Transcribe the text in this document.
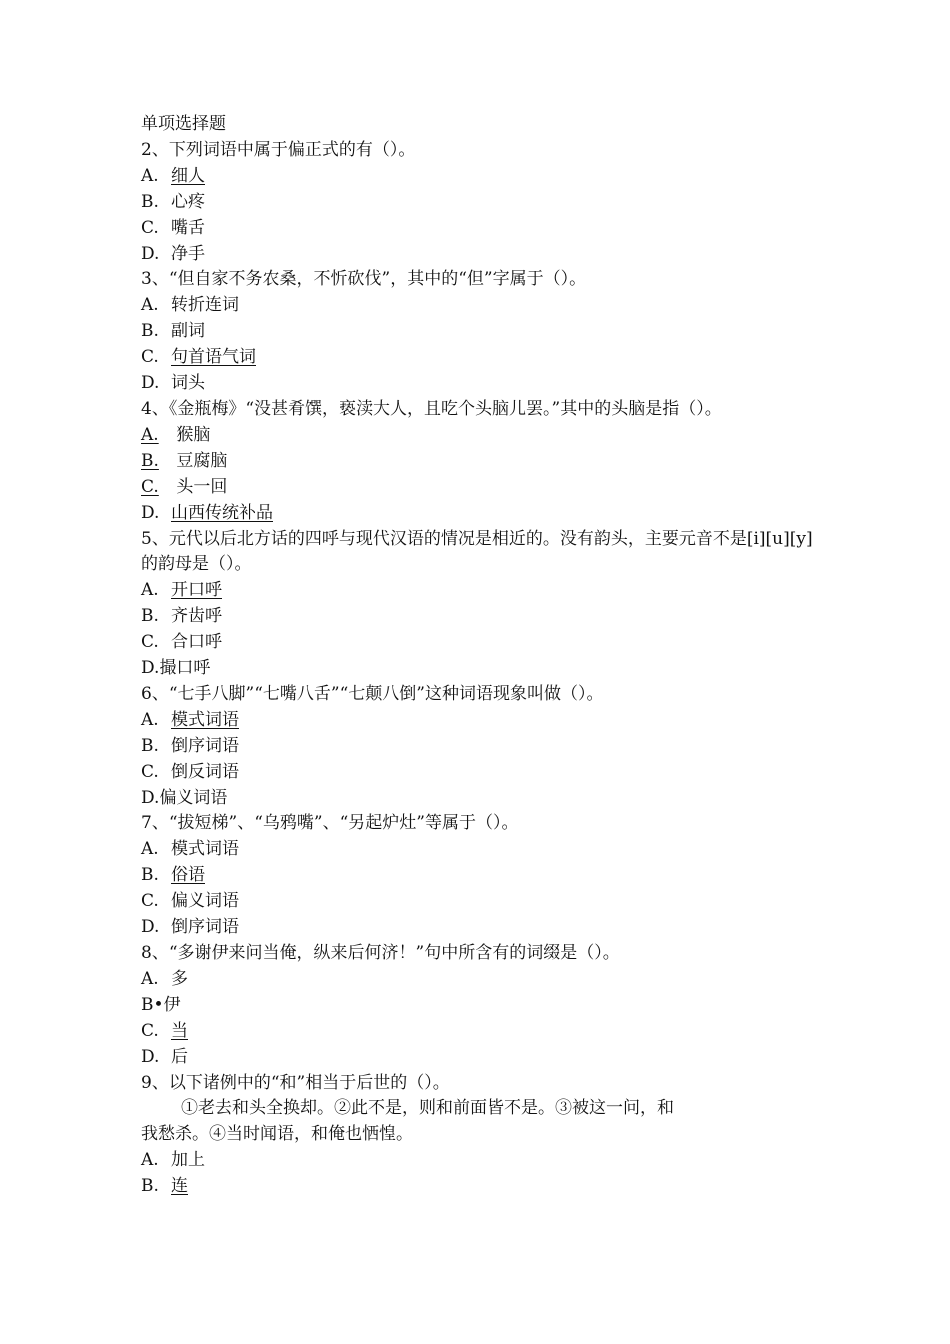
单项选择题
2、下列词语中属于偏正式的有（）。
A. 细人
B. 心疼
C. 嘴舌
D. 净手
3、“但自家不务农桑，不忻砍伐”，其中的“但”字属于（）。
A. 转折连词
B. 副词
C. 句首语气词
D. 词头
4、《金瓶梅》“没甚肴馔，亵渎大人，且吃个头脑儿罢。”其中的头脑是指（）。
A. 猴脑
B. 豆腐脑
C. 头一回
D. 山西传统补品
5、元代以后北方话的四呼与现代汉语的情况是相近的。没有韵头，主要元音不是[i][u][y]的韵母是（）。
A. 开口呼
B. 齐齿呼
C. 合口呼
D.撮口呼
6、“七手八脚”“七嘴八舌”“七颠八倒”这种词语现象叫做（）。
A. 模式词语
B. 倒序词语
C. 倒反词语
D.偏义词语
7、“拔短梯”、“乌鸦嘴”、“另起炉灶”等属于（）。
A. 模式词语
B. 俗语
C. 偏义词语
D. 倒序词语
8、“多谢伊来问当俺，纵来后何济！”句中所含有的词缀是（）。
A. 多
B•伊
C. 当
D. 后
9、以下诸例中的“和”相当于后世的（）。
①老去和头全换却。②此不是，则和前面皆不是。③被这一问，和
我愁杀。④当时闻语，和俺也恓惶。
A. 加上
B. 连
